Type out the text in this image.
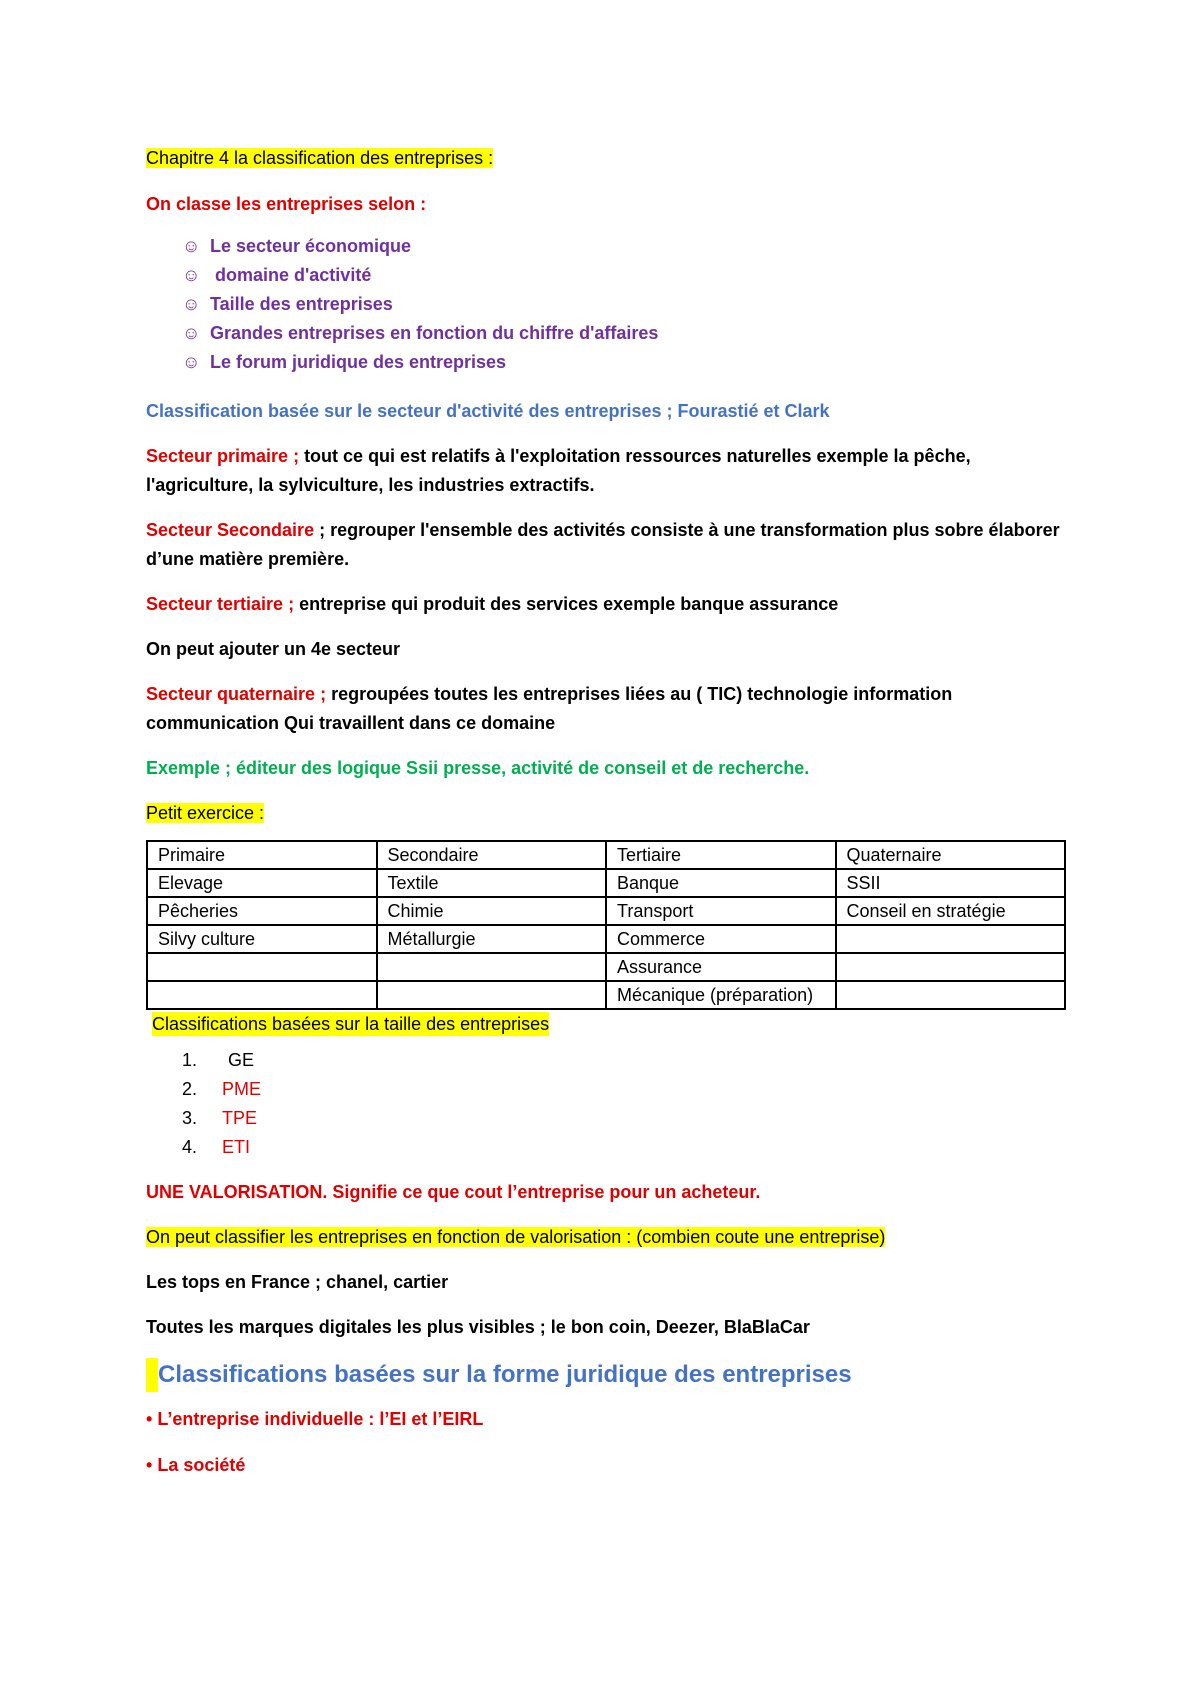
Chapitre 4 la classification des entreprises :

On classe les entreprises selon :

☺ Le secteur économique
☺ domaine d'activité
☺ Taille des entreprises
☺ Grandes entreprises en fonction du chiffre d'affaires
☺ Le forum juridique des entreprises

Classification basée sur le secteur d'activité des entreprises ; Fourastié et Clark

Secteur primaire ; tout ce qui est relatifs à l'exploitation ressources naturelles exemple la pêche, l'agriculture, la sylviculture, les industries extractifs.

Secteur Secondaire ; regrouper l'ensemble des activités consiste à une transformation plus sobre élaborer d’une matière première.

Secteur tertiaire ; entreprise qui produit des services exemple banque assurance

On peut ajouter un 4e secteur

Secteur quaternaire ; regroupées toutes les entreprises liées au ( TIC) technologie information communication Qui travaillent dans ce domaine

Exemple ; éditeur des logique Ssii presse, activité de conseil et de recherche.

Petit exercice :

Primaire	Secondaire	Tertiaire	Quaternaire
Elevage	Textile	Banque	SSII
Pêcheries	Chimie	Transport	Conseil en stratégie
Silvy culture	Métallurgie	Commerce	
		Assurance	
		Mécanique (préparation)	
Classifications basées sur la taille des entreprises
GE
PME
TPE
ETI

UNE VALORISATION. Signifie ce que cout l’entreprise pour un acheteur.

On peut classifier les entreprises en fonction de valorisation : (combien coute une entreprise)

Les tops en France ; chanel, cartier

Toutes les marques digitales les plus visibles ; le bon coin, Deezer, BlaBlaCar

Classifications basées sur la forme juridique des entreprises

• L’entreprise individuelle : l’EI et l’EIRL

• La société
